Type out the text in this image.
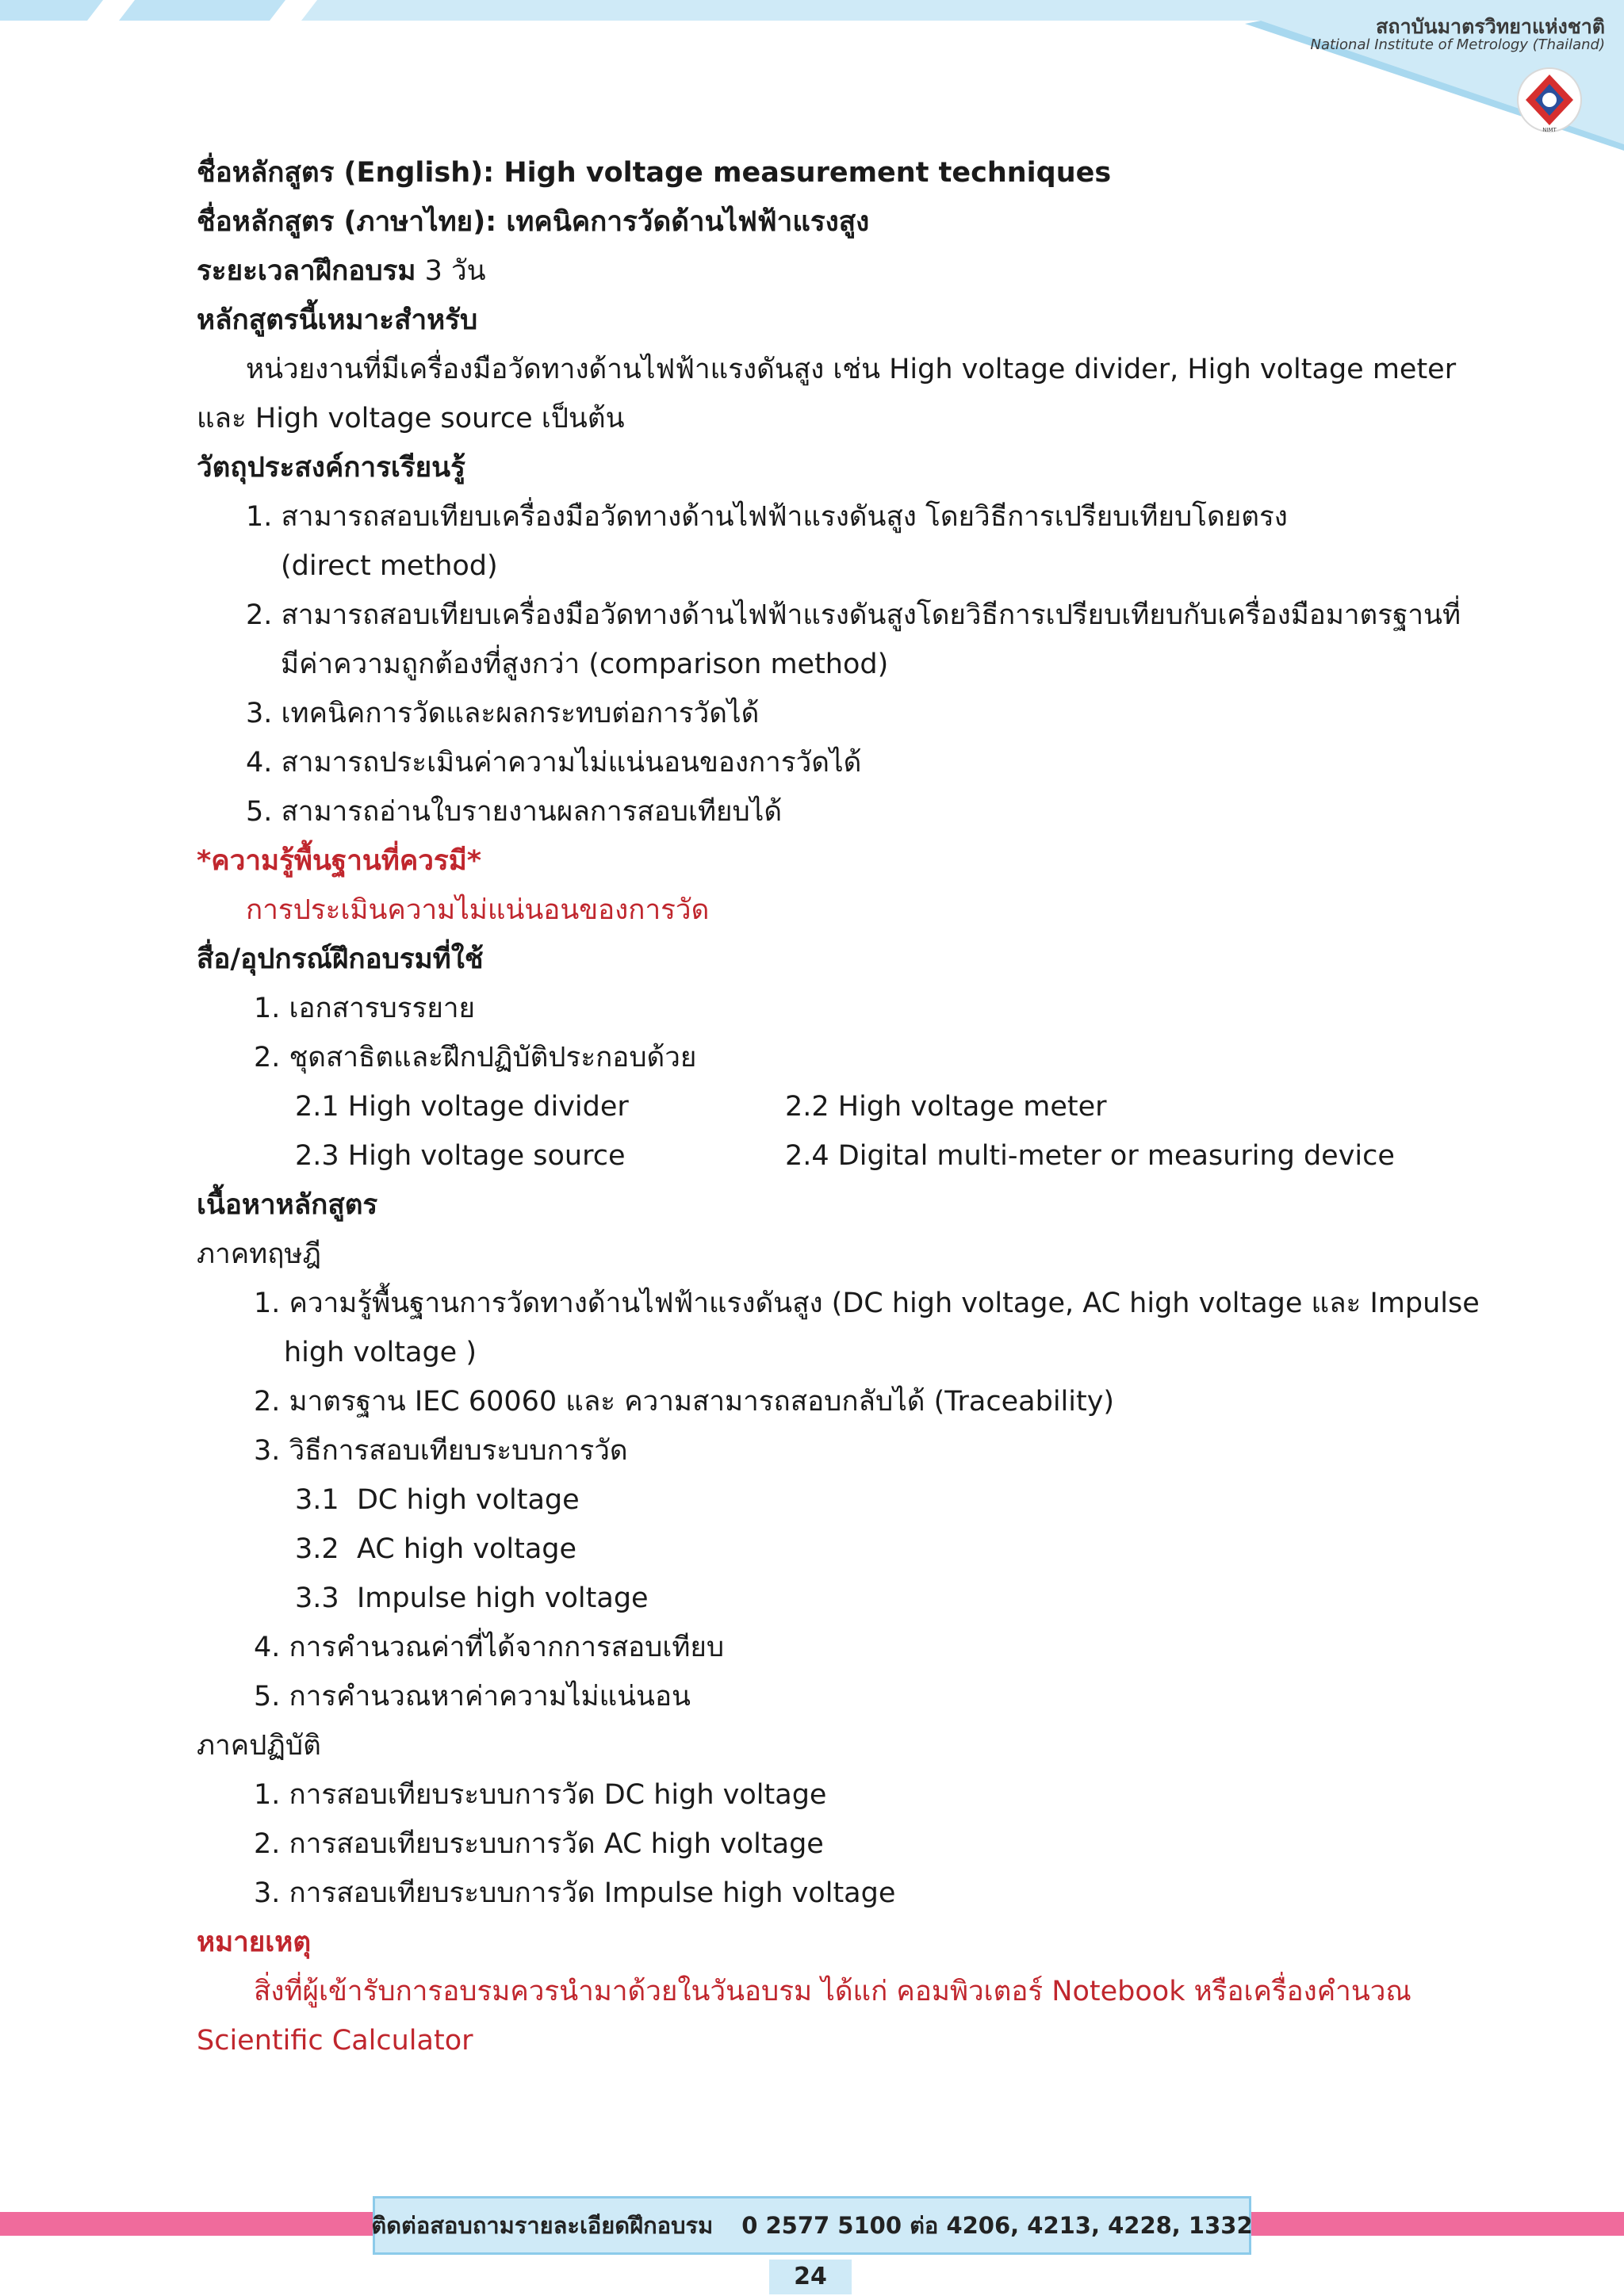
สถาบันมาตรวิทยาแห่งชาติ
National Institute of Metrology (Thailand)
NIMT
ชื่อหลักสูตร (English): High voltage measurement techniques
ชื่อหลักสูตร (ภาษาไทย): เทคนิคการวัดด้านไฟฟ้าแรงสูง
ระยะเวลาฝึกอบรม 3 วัน
หลักสูตรนี้เหมาะสำหรับ
หน่วยงานที่มีเครื่องมือวัดทางด้านไฟฟ้าแรงดันสูง เช่น High voltage divider, High voltage meter
และ High voltage source เป็นต้น
วัตถุประสงค์การเรียนรู้
1. สามารถสอบเทียบเครื่องมือวัดทางด้านไฟฟ้าแรงดันสูง โดยวิธีการเปรียบเทียบโดยตรง
(direct method)
2. สามารถสอบเทียบเครื่องมือวัดทางด้านไฟฟ้าแรงดันสูงโดยวิธีการเปรียบเทียบกับเครื่องมือมาตรฐานที่
มีค่าความถูกต้องที่สูงกว่า (comparison method)
3. เทคนิคการวัดและผลกระทบต่อการวัดได้
4. สามารถประเมินค่าความไม่แน่นอนของการวัดได้
5. สามารถอ่านใบรายงานผลการสอบเทียบได้
*ความรู้พื้นฐานที่ควรมี*
การประเมินความไม่แน่นอนของการวัด
สื่อ/อุปกรณ์ฝึกอบรมที่ใช้
1. เอกสารบรรยาย
2. ชุดสาธิตและฝึกปฏิบัติประกอบด้วย
2.1 High voltage divider	2.2 High voltage meter
2.3 High voltage source	2.4 Digital multi-meter or measuring device
เนื้อหาหลักสูตร
ภาคทฤษฎี
1. ความรู้พื้นฐานการวัดทางด้านไฟฟ้าแรงดันสูง (DC high voltage, AC high voltage และ Impulse
high voltage )
2. มาตรฐาน IEC 60060 และ ความสามารถสอบกลับได้ (Traceability)
3. วิธีการสอบเทียบระบบการวัด
3.1 DC high voltage
3.2 AC high voltage
3.3 Impulse high voltage
4. การคำนวณค่าที่ได้จากการสอบเทียบ
5. การคำนวณหาค่าความไม่แน่นอน
ภาคปฏิบัติ
1. การสอบเทียบระบบการวัด DC high voltage
2. การสอบเทียบระบบการวัด AC high voltage
3. การสอบเทียบระบบการวัด Impulse high voltage
หมายเหตุ
สิ่งที่ผู้เข้ารับการอบรมควรนำมาด้วยในวันอบรม ได้แก่ คอมพิวเตอร์ Notebook หรือเครื่องคำนวณ
Scientific Calculator
ติดต่อสอบถามรายละเอียดฝึกอบรม 0 2577 5100 ต่อ 4206, 4213, 4228, 1332
24
